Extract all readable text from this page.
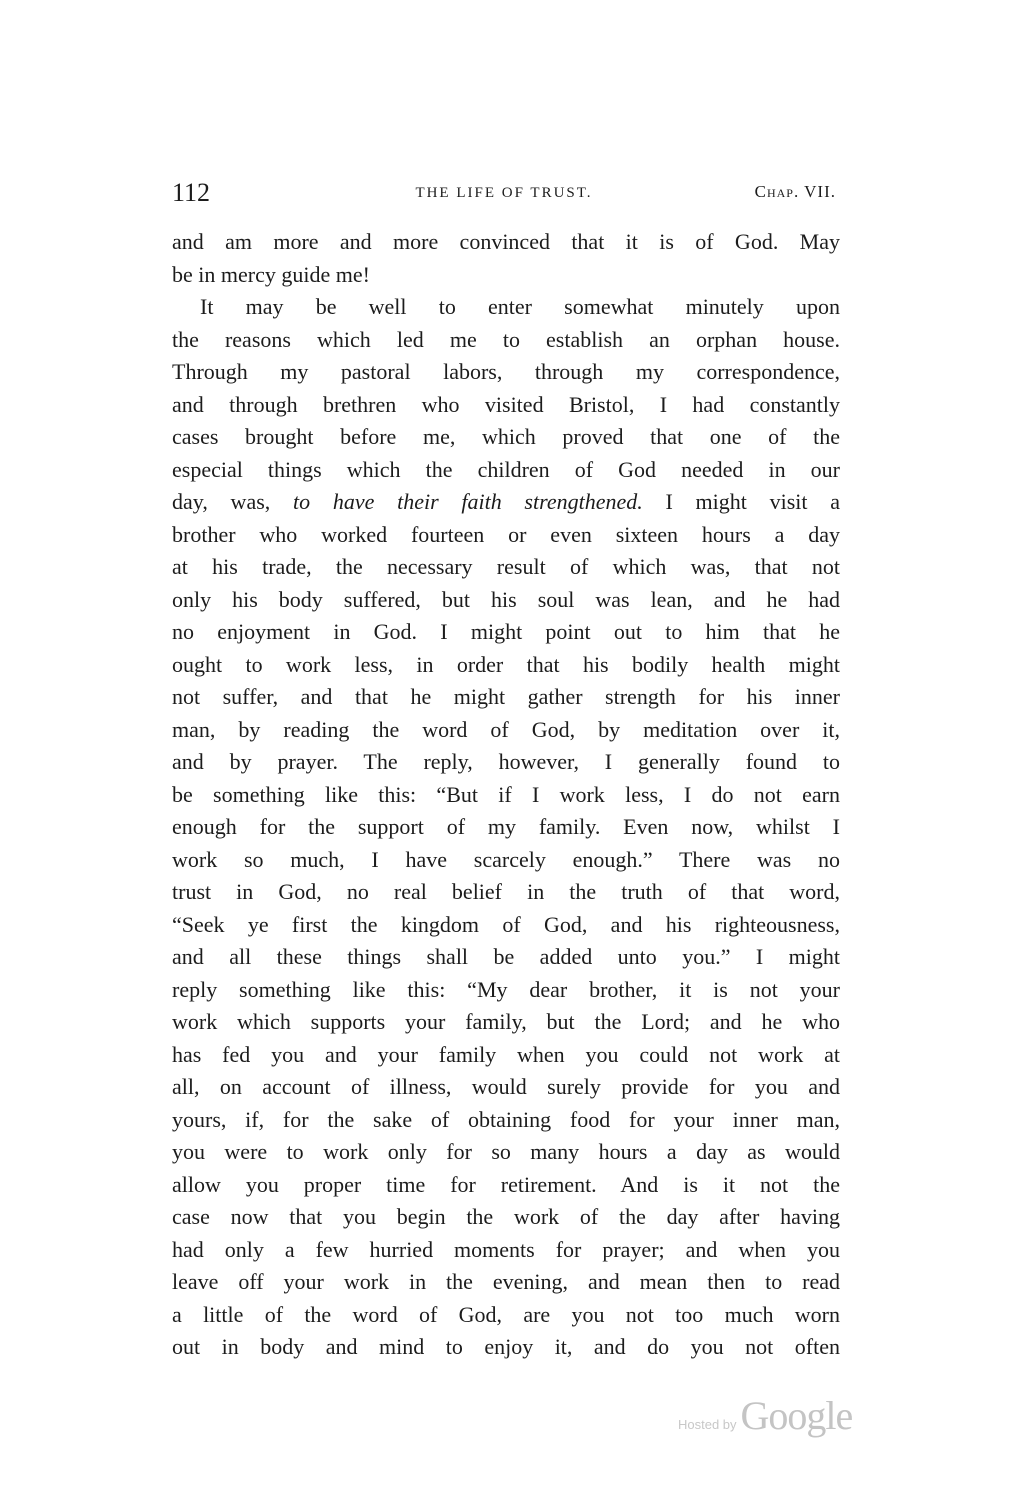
112	THE LIFE OF TRUST.	Chap. VII.
and am more and more convinced that it is of God. May
be in mercy guide me!
It may be well to enter somewhat minutely upon
the reasons which led me to establish an orphan house.
Through my pastoral labors, through my correspondence,
and through brethren who visited Bristol, I had constantly
cases brought before me, which proved that one of the
especial things which the children of God needed in our
day, was, to have their faith strengthened. I might visit a
brother who worked fourteen or even sixteen hours a day
at his trade, the necessary result of which was, that not
only his body suffered, but his soul was lean, and he had
no enjoyment in God. I might point out to him that he
ought to work less, in order that his bodily health might
not suffer, and that he might gather strength for his inner
man, by reading the word of God, by meditation over it,
and by prayer. The reply, however, I generally found to
be something like this: “But if I work less, I do not earn
enough for the support of my family. Even now, whilst I
work so much, I have scarcely enough.” There was no
trust in God, no real belief in the truth of that word,
“Seek ye first the kingdom of God, and his righteousness,
and all these things shall be added unto you.” I might
reply something like this: “My dear brother, it is not your
work which supports your family, but the Lord; and he who
has fed you and your family when you could not work at
all, on account of illness, would surely provide for you and
yours, if, for the sake of obtaining food for your inner man,
you were to work only for so many hours a day as would
allow you proper time for retirement. And is it not the
case now that you begin the work of the day after having
had only a few hurried moments for prayer; and when you
leave off your work in the evening, and mean then to read
a little of the word of God, are you not too much worn
out in body and mind to enjoy it, and do you not often
Hosted by Google
